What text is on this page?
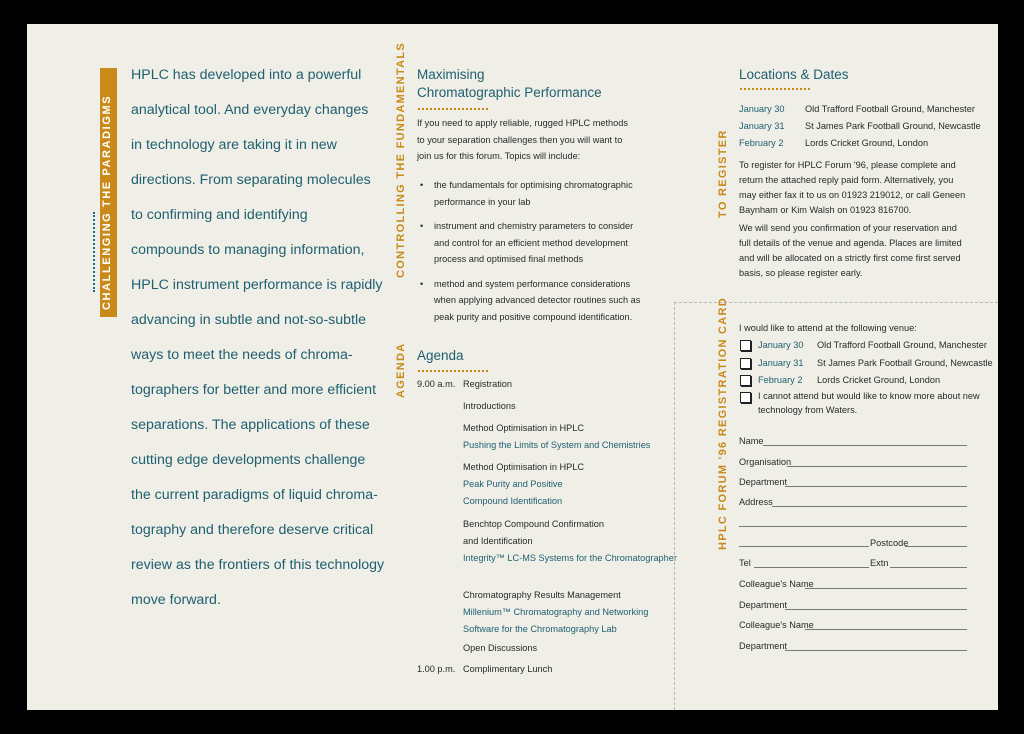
CHALLENGING THE PARADIGMS
HPLC has developed into a powerful
analytical tool. And everyday changes
in technology are taking it in new
directions. From separating molecules
to confirming and identifying
compounds to managing information,
HPLC instrument performance is rapidly
advancing in subtle and not-so-subtle
ways to meet the needs of chroma-
tographers for better and more efficient
separations. The applications of these
cutting edge developments challenge
the current paradigms of liquid chroma-
tography and therefore deserve critical
review as the frontiers of this technology
move forward.
CONTROLLING THE FUNDAMENTALS Maximising
Chromatographic Performance
If you need to apply reliable, rugged HPLC methods to your separation challenges then you will want to join us for this forum. Topics will include:
• the fundamentals for optimising chromatographic performance in your lab
• instrument and chemistry parameters to consider and control for an efficient method development process and optimised final methods
• method and system performance considerations when applying advanced detector routines such as peak purity and positive compound identification.
AGENDA Agenda
9.00 a.m. Registration
Introductions
Method Optimisation in HPLC
Pushing the Limits of System and Chemistries
Method Optimisation in HPLC
Peak Purity and Positive Compound Identification
Benchtop Compound Confirmation and Identification
Integrity™ LC-MS Systems for the Chromatographer
Chromatography Results Management
Millenium™ Chromatography and Networking Software for the Chromatography Lab
Open Discussions
1.00 p.m. Complimentary Lunch
Locations & Dates
January 30 Old Trafford Football Ground, Manchester
January 31 St James Park Football Ground, Newcastle
February 2 Lords Cricket Ground, London
TO REGISTER To register for HPLC Forum '96, please complete and return the attached reply paid form. Alternatively, you may either fax it to us on 01923 219012, or call Geneen Baynham or Kim Walsh on 01923 816700.
We will send you confirmation of your reservation and full details of the venue and agenda. Places are limited and will be allocated on a strictly first come first served basis, so please register early.
HPLC FORUM '96 REGISTRATION CARD I would like to attend at the following venue:
January 30 Old Trafford Football Ground, Manchester
January 31 St James Park Football Ground, Newcastle
February 2 Lords Cricket Ground, London
I cannot attend but would like to know more about new
technology from Waters.
Name
Organisation
Department
Address
Postcode
Tel	Extn
Colleague's Name
Department
Colleague's Name
Department
